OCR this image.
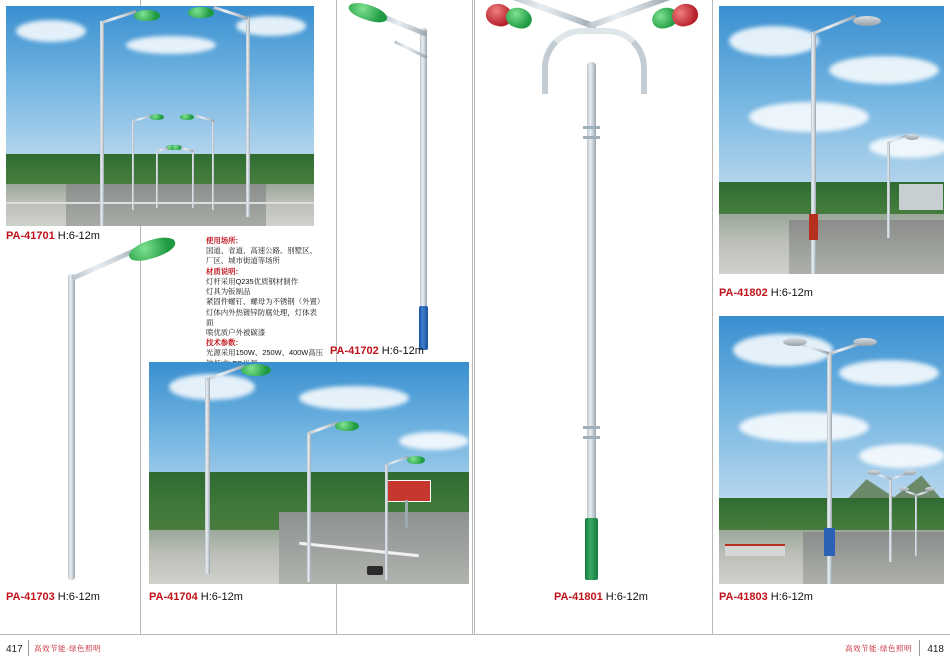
PA-41701 H:6-12m
PA-41703 H:6-12m
PA-41702 H:6-12m

使用场所:

国道、省道、高速公路、别墅区、

厂区、城市街道等场所

材质说明:

灯杆采用Q235优质钢材制作

灯具为钣制品

紧固件螺钉、螺母为不锈钢（外置）

灯体内外热镀锌防腐处理，灯体表面

喷优质户外被碳漆

技术参数:

光源采用150W、250W、400W高压

PA-41704 H:6-12m	PA-41801 H:6-12m
PA-41802 H:6-12m
PA-41803 H:6-12m
417 高效节能·绿色照明	高效节能·绿色照明 418
